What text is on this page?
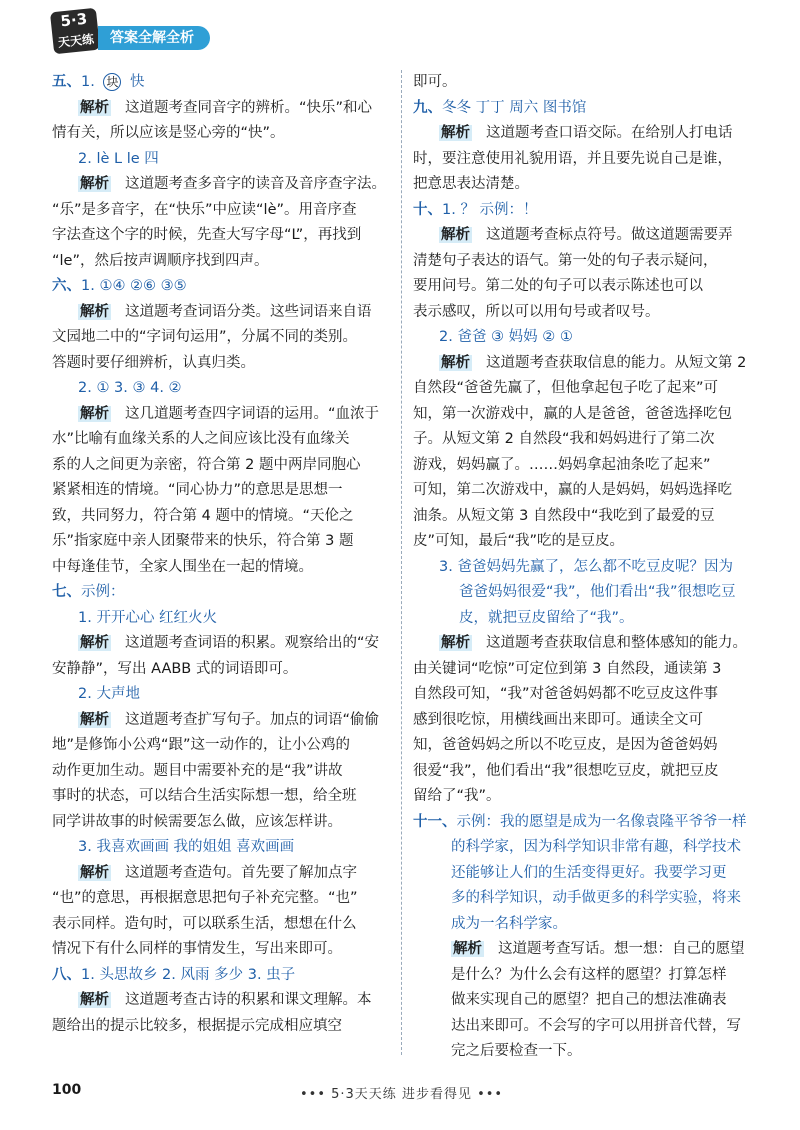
5·3
天天练	答案全解全析
五、1. 块 快
解析 这道题考查同音字的辨析。“快乐”和心
情有关，所以应该是竖心旁的“快”。
2. lè L le 四
解析 这道题考查多音字的读音及音序查字法。
“乐”是多音字，在“快乐”中应读“lè”。用音序查
字法查这个字的时候，先查大写字母“L”，再找到
“le”，然后按声调顺序找到四声。
六、1. ①④ ②⑥ ③⑤
解析 这道题考查词语分类。这些词语来自语
文园地二中的“字词句运用”，分属不同的类别。
答题时要仔细辨析，认真归类。
2. ① 3. ③ 4. ②
解析 这几道题考查四字词语的运用。“血浓于
水”比喻有血缘关系的人之间应该比没有血缘关
系的人之间更为亲密，符合第 2 题中两岸同胞心
紧紧相连的情境。“同心协力”的意思是思想一
致，共同努力，符合第 4 题中的情境。“天伦之
乐”指家庭中亲人团聚带来的快乐，符合第 3 题
中每逢佳节，全家人围坐在一起的情境。
七、示例：
1. 开开心心 红红火火
解析 这道题考查词语的积累。观察给出的“安
安静静”，写出 AABB 式的词语即可。
2. 大声地
解析 这道题考查扩写句子。加点的词语“偷偷
地”是修饰小公鸡“跟”这一动作的，让小公鸡的
动作更加生动。题目中需要补充的是“我”讲故
事时的状态，可以结合生活实际想一想，给全班
同学讲故事的时候需要怎么做，应该怎样讲。
3. 我喜欢画画 我的姐姐 喜欢画画
解析 这道题考查造句。首先要了解加点字
“也”的意思，再根据意思把句子补充完整。“也”
表示同样。造句时，可以联系生活，想想在什么
情况下有什么同样的事情发生，写出来即可。
八、1. 头思故乡 2. 风雨 多少 3. 虫子
解析 这道题考查古诗的积累和课文理解。本
题给出的提示比较多，根据提示完成相应填空
即可。
九、冬冬 丁丁 周六 图书馆
解析 这道题考查口语交际。在给别人打电话
时，要注意使用礼貌用语，并且要先说自己是谁，
把意思表达清楚。
十、1. ？ 示例：！
解析 这道题考查标点符号。做这道题需要弄
清楚句子表达的语气。第一处的句子表示疑问，
要用问号。第二处的句子可以表示陈述也可以
表示感叹，所以可以用句号或者叹号。
2. 爸爸 ③ 妈妈 ② ①
解析 这道题考查获取信息的能力。从短文第 2
自然段“爸爸先赢了，但他拿起包子吃了起来”可
知，第一次游戏中，赢的人是爸爸，爸爸选择吃包
子。从短文第 2 自然段“我和妈妈进行了第二次
游戏，妈妈赢了。……妈妈拿起油条吃了起来”
可知，第二次游戏中，赢的人是妈妈，妈妈选择吃
油条。从短文第 3 自然段中“我吃到了最爱的豆
皮”可知，最后“我”吃的是豆皮。
3. 爸爸妈妈先赢了，怎么都不吃豆皮呢？因为
爸爸妈妈很爱“我”，他们看出“我”很想吃豆
皮，就把豆皮留给了“我”。
解析 这道题考查获取信息和整体感知的能力。
由关键词“吃惊”可定位到第 3 自然段，通读第 3
自然段可知，“我”对爸爸妈妈都不吃豆皮这件事
感到很吃惊，用横线画出来即可。通读全文可
知，爸爸妈妈之所以不吃豆皮，是因为爸爸妈妈
很爱“我”，他们看出“我”很想吃豆皮，就把豆皮
留给了“我”。
十一、示例：我的愿望是成为一名像袁隆平爷爷一样
的科学家，因为科学知识非常有趣，科学技术
还能够让人们的生活变得更好。我要学习更
多的科学知识，动手做更多的科学实验，将来
成为一名科学家。
解析 这道题考查写话。想一想：自己的愿望
是什么？为什么会有这样的愿望？打算怎样
做来实现自己的愿望？把自己的想法准确表
达出来即可。不会写的字可以用拼音代替，写
完之后要检查一下。
100	••• 5·3天天练 进步看得见 •••
